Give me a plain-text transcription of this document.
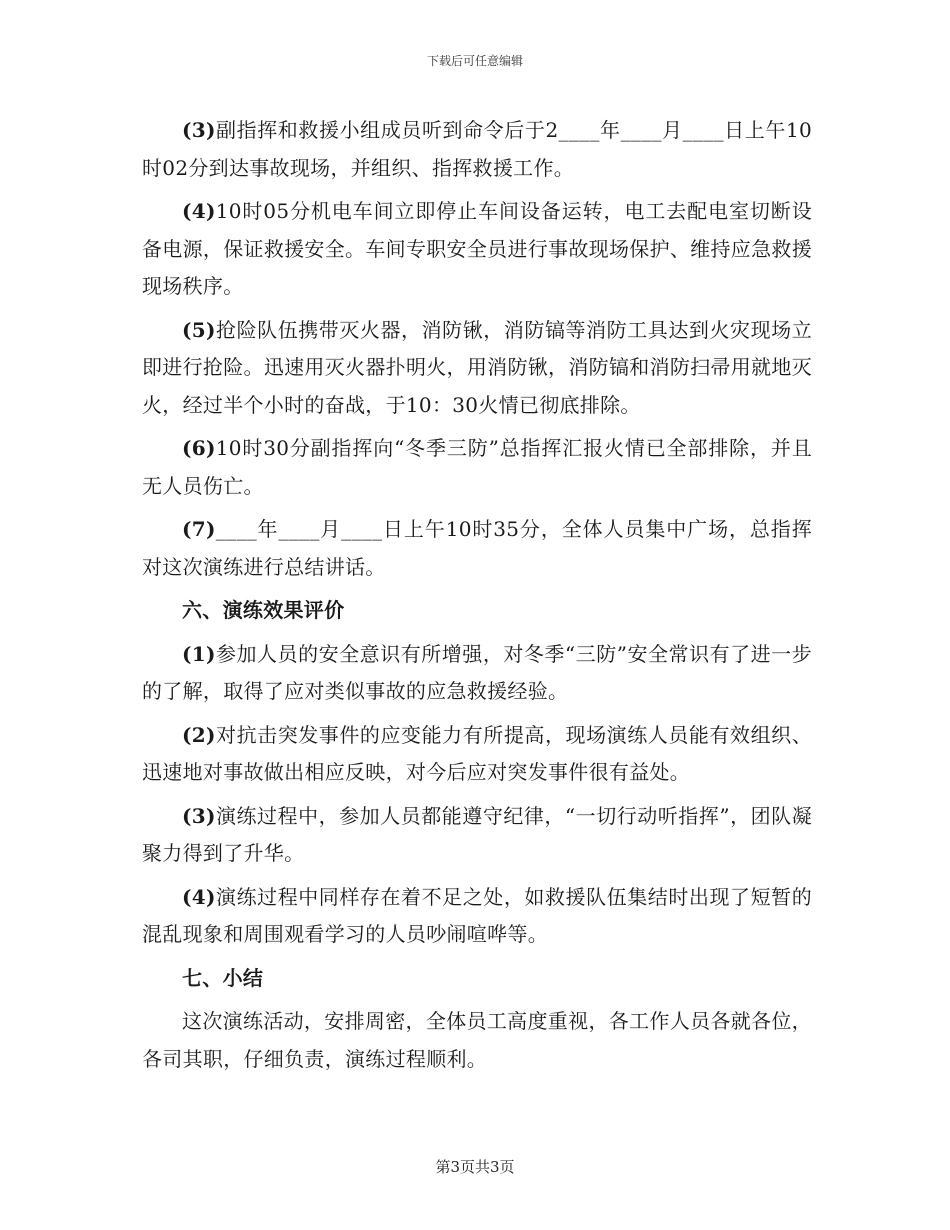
下载后可任意编辑

(3)副指挥和救援小组成员听到命令后于2____年____月____日上午10时02分到达事故现场，并组织、指挥救援工作。

(4)10时05分机电车间立即停止车间设备运转，电工去配电室切断设备电源，保证救援安全。车间专职安全员进行事故现场保护、维持应急救援现场秩序。

(5)抢险队伍携带灭火器，消防锹，消防镐等消防工具达到火灾现场立即进行抢险。迅速用灭火器扑明火，用消防锹，消防镐和消防扫帚用就地灭火，经过半个小时的奋战，于10：30火情已彻底排除。

(6)10时30分副指挥向“冬季三防”总指挥汇报火情已全部排除，并且无人员伤亡。

(7)____年____月____日上午10时35分，全体人员集中广场，总指挥对这次演练进行总结讲话。

六、演练效果评价

(1)参加人员的安全意识有所增强，对冬季“三防”安全常识有了进一步的了解，取得了应对类似事故的应急救援经验。

(2)对抗击突发事件的应变能力有所提高，现场演练人员能有效组织、迅速地对事故做出相应反映，对今后应对突发事件很有益处。

(3)演练过程中，参加人员都能遵守纪律，“一切行动听指挥”，团队凝聚力得到了升华。

(4)演练过程中同样存在着不足之处，如救援队伍集结时出现了短暂的混乱现象和周围观看学习的人员吵闹喧哗等。

七、小结

这次演练活动，安排周密，全体员工高度重视，各工作人员各就各位，各司其职，仔细负责，演练过程顺利。

第3页共3页
